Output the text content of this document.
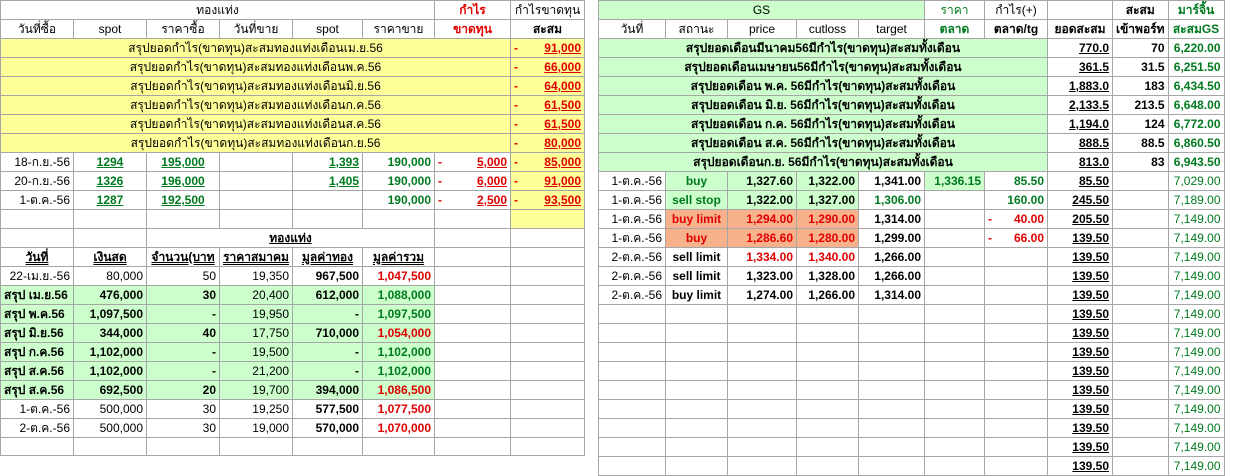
ทองแท่ง						กำไร	กำไรขาดทุน
วันที่ซื้อ	spot	ราคาซื้อ	วันที่ขาย	spot	ราคาขาย	ขาดทุน	สะสม
สรุปยอดกำไร(ขาดทุน)สะสมทองแท่งเดือนเม.ย.56							- 91,000
สรุปยอดกำไร(ขาดทุน)สะสมทองแท่งเดือนพ.ค.56							- 66,000
สรุปยอดกำไร(ขาดทุน)สะสมทองแท่งเดือนมิ.ย.56							- 64,000
สรุปยอดกำไร(ขาดทุน)สะสมทองแท่งเดือนก.ค.56							- 61,500
สรุปยอดกำไร(ขาดทุน)สะสมทองแท่งเดือนส.ค.56							- 61,500
สรุปยอดกำไร(ขาดทุน)สะสมทองแท่งเดือนก.ย.56							- 80,000
18-ก.ย.-56	1294	195,000		1,393	190,000	- 5,000	- 85,000
20-ก.ย.-56	1326	196,000		1,405	190,000	- 6,000	- 91,000
1-ต.ค.-56	1287	192,500			190,000	- 2,500	- 93,500

		ทองแท่ง					
วันที่	เงินสด	จำนวน(บาท	ราคาสมาคม	มูลค่าทอง	มูลค่ารวม		
22-เม.ย.-56	80,000	50	19,350	967,500	1,047,500		
สรุป เม.ย.56	476,000	30	20,400	612,000	1,088,000		
สรุป พ.ค.56	1,097,500	-	19,950	-	1,097,500		
สรุป มิ.ย.56	344,000	40	17,750	710,000	1,054,000		
สรุป ก.ค.56	1,102,000	-	19,500	-	1,102,000		
สรุป ส.ค.56	1,102,000	-	21,200	-	1,102,000		
สรุป ส.ค.56	692,500	20	19,700	394,000	1,086,500		
1-ต.ค.-56	500,000	30	19,250	577,500	1,077,500		
2-ต.ค.-56	500,000	30	19,000	570,000	1,070,000		

GS					ราคา	กำไร(+)		สะสม	มาร์จิ้น
วันที่	สถานะ	price	cutloss	target	ตลาด	ตลาด/tg	ยอดสะสม	เข้าพอร์ท	สะสมGS
สรุปยอดเดือนมีนาคม56มีกำไร(ขาดทุน)สะสมทั้งเดือน							770.0	70	6,220.00
สรุปยอดเดือนเมษายน56มีกำไร(ขาดทุน)สะสมทั้งเดือน							361.5	31.5	6,251.50
สรุปยอดเดือน พ.ค. 56มีกำไร(ขาดทุน)สะสมทั้งเดือน							1,883.0	183	6,434.50
สรุปยอดเดือน มิ.ย. 56มีกำไร(ขาดทุน)สะสมทั้งเดือน							2,133.5	213.5	6,648.00
สรุปยอดเดือน ก.ค. 56มีกำไร(ขาดทุน)สะสมทั้งเดือน							1,194.0	124	6,772.00
สรุปยอดเดือน ส.ค. 56มีกำไร(ขาดทุน)สะสมทั้งเดือน							888.5	88.5	6,860.50
สรุปยอดเดือนก.ย. 56มีกำไร(ขาดทุน)สะสมทั้งเดือน							813.0	83	6,943.50
1-ต.ค.-56	buy	1,327.60	1,322.00	1,341.00	1,336.15	85.50	85.50		7,029.00
1-ต.ค.-56	sell stop	1,322.00	1,327.00	1,306.00		160.00	245.50		7,189.00
1-ต.ค.-56	buy limit	1,294.00	1,290.00	1,314.00		- 40.00	205.50		7,149.00
1-ต.ค.-56	buy	1,286.60	1,280.00	1,299.00		- 66.00	139.50		7,149.00
2-ต.ค.-56	sell limit	1,334.00	1,340.00	1,266.00			139.50		7,149.00
2-ต.ค.-56	sell limit	1,323.00	1,328.00	1,266.00			139.50		7,149.00
2-ต.ค.-56	buy limit	1,274.00	1,266.00	1,314.00			139.50		7,149.00
							139.50		7,149.00
							139.50		7,149.00
							139.50		7,149.00
							139.50		7,149.00
							139.50		7,149.00
							139.50		7,149.00
							139.50		7,149.00
							139.50		7,149.00
							139.50		7,149.00
